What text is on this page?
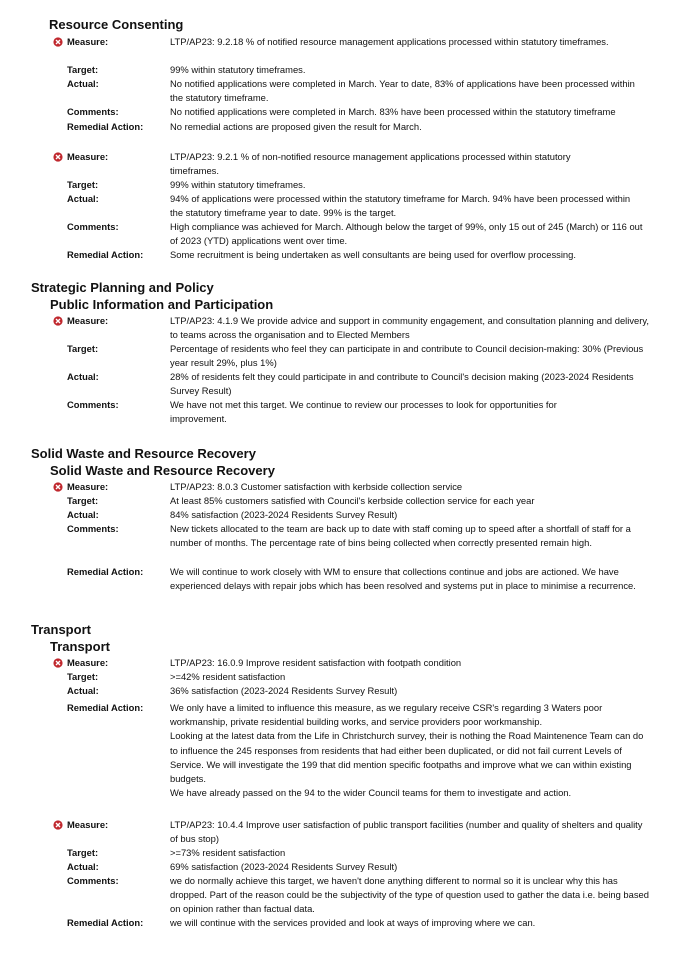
Resource Consenting
Measure:	LTP/AP23: 9.2.18 % of notified resource management applications processed within statutory timeframes.
Target:	99% within statutory timeframes.
Actual:	No notified applications were completed in March. Year to date, 83% of applications have been processed within the statutory timeframe.
Comments:	No notified applications were completed in March. 83% have been processed within the statutory timeframe
Remedial Action:	No remedial actions are proposed given the result for March.
Measure:	LTP/AP23: 9.2.1 % of non-notified resource management applications processed within statutory timeframes.
Target:	99% within statutory timeframes.
Actual:	94% of applications were processed within the statutory timeframe for March. 94% have been processed within the statutory timeframe year to date. 99% is the target.
Comments:	High compliance was achieved for March. Although below the target of 99%, only 15 out of 245 (March) or 116 out of 2023 (YTD) applications went over time.
Remedial Action:	Some recruitment is being undertaken as well consultants are being used for overflow processing.
Strategic Planning and Policy
Public Information and Participation
Measure:	LTP/AP23: 4.1.9 We provide advice and support in community engagement, and consultation planning and delivery, to teams across the organisation and to Elected Members
Target:	Percentage of residents who feel they can participate in and contribute to Council decision-making: 30% (Previous year result 29%, plus 1%)
Actual:	28% of residents felt they could participate in and contribute to Council's decision making (2023-2024 Residents Survey Result)
Comments:	We have not met this target. We continue to review our processes to look for opportunities for improvement.
Solid Waste and Resource Recovery
Solid Waste and Resource Recovery
Measure:	LTP/AP23: 8.0.3 Customer satisfaction with kerbside collection service
Target:	At least 85% customers satisfied with Council's kerbside collection service for each year
Actual:	84% satisfaction (2023-2024 Residents Survey Result)
Comments:	New tickets allocated to the team are back up to date with staff coming up to speed after a shortfall of staff for a number of months. The percentage rate of bins being collected when correctly presented remain high.
Remedial Action:	We will continue to work closely with WM to ensure that collections continue and jobs are actioned. We have experienced delays with repair jobs which has been resolved and systems put in place to minimise a recurrence.
Transport
Transport
Measure:	LTP/AP23: 16.0.9 Improve resident satisfaction with footpath condition
Target:	>=42% resident satisfaction
Actual:	36% satisfaction (2023-2024 Residents Survey Result)
Remedial Action:	We only have a limited to influence this measure, as we regulary receive CSR's regarding 3 Waters poor workmanship, private residential building works, and service providers poor workmanship.
Looking at the latest data from the Life in Christchurch survey, their is nothing the Road Maintenence Team can do to influence the 245 responses from residents that had either been duplicated, or did not fail current Levels of Service. We will investigate the 199 that did mention specific footpaths and improve what we can within existing budgets.
We have already passed on the 94 to the wider Council teams for them to investigate and action.
Measure:	LTP/AP23: 10.4.4 Improve user satisfaction of public transport facilities (number and quality of shelters and quality of bus stop)
Target:	>=73% resident satisfaction
Actual:	69% satisfaction (2023-2024 Residents Survey Result)
Comments:	we do normally achieve this target, we haven't done anything different to normal so it is unclear why this has dropped. Part of the reason could be the subjectivity of the type of question used to gather the data i.e. being based on opinion rather than factual data.
Remedial Action:	we will continue with the services provided and look at ways of improving where we can.
